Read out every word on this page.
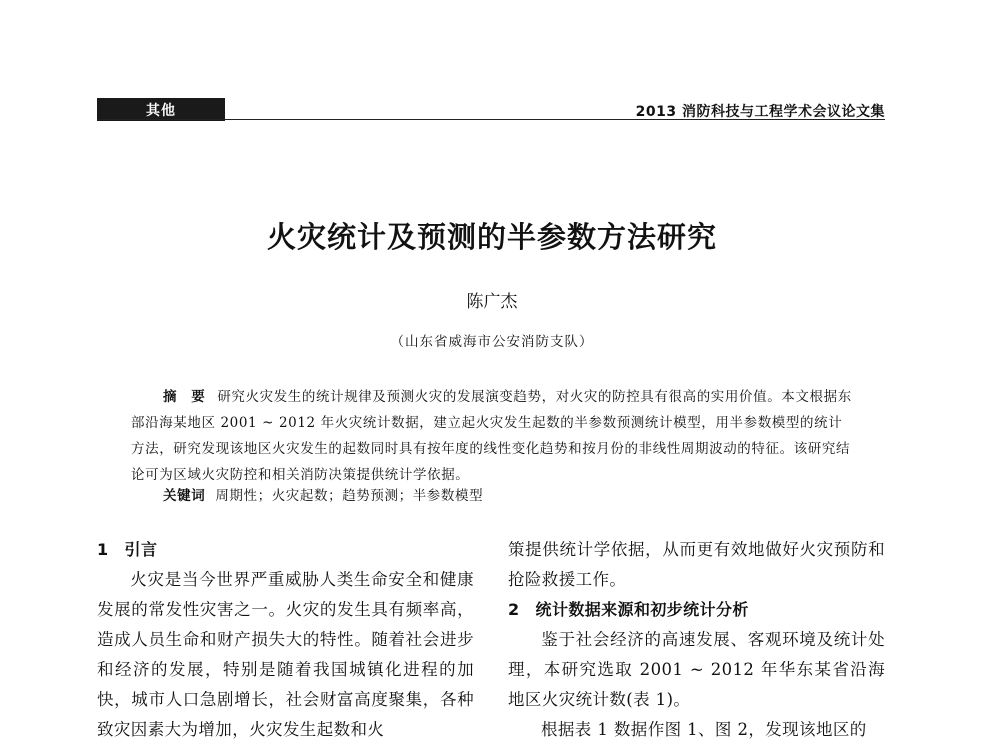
其他	2013 消防科技与工程学术会议论文集
火灾统计及预测的半参数方法研究
陈广杰
（山东省威海市公安消防支队）
摘　要 研究火灾发生的统计规律及预测火灾的发展演变趋势，对火灾的防控具有很高的实用价值。本文根据东部沿海某地区 2001 ~ 2012 年火灾统计数据，建立起火灾发生起数的半参数预测统计模型，用半参数模型的统计方法，研究发现该地区火灾发生的起数同时具有按年度的线性变化趋势和按月份的非线性周期波动的特征。该研究结论可为区域火灾防控和相关消防决策提供统计学依据。
关键词 周期性；火灾起数；趋势预测；半参数模型
1 引言
火灾是当今世界严重威胁人类生命安全和健康发展的常发性灾害之一。火灾的发生具有频率高，造成人员生命和财产损失大的特性。随着社会进步和经济的发展，特别是随着我国城镇化进程的加快，城市人口急剧增长，社会财富高度聚集，各种致灾因素大为增加，火灾发生起数和火
策提供统计学依据，从而更有效地做好火灾预防和抢险救援工作。
2 统计数据来源和初步统计分析
鉴于社会经济的高速发展、客观环境及统计处理，本研究选取 2001 ~ 2012 年华东某省沿海地区火灾统计数(表 1)。
根据表 1 数据作图 1、图 2，发现该地区的
